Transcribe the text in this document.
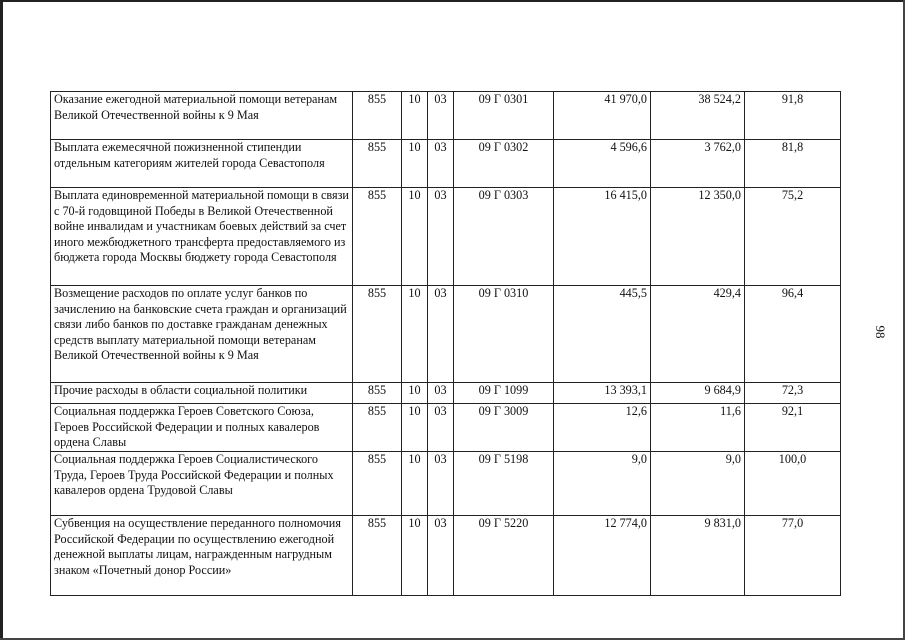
98
Оказание ежегодной материальной помощи ветеранам Великой Отечественной войны к 9 Мая	855	10	03	09 Г 0301	41 970,0	38 524,2	91,8
Выплата ежемесячной пожизненной стипендии отдельным категориям жителей города Севастополя	855	10	03	09 Г 0302	4 596,6	3 762,0	81,8
Выплата единовременной материальной помощи в связи с 70-й годовщиной Победы в Великой Отечественной войне инвалидам и участникам боевых действий за счет иного межбюджетного трансферта предоставляемого из бюджета города Москвы бюджету города Севастополя	855	10	03	09 Г 0303	16 415,0	12 350,0	75,2
Возмещение расходов по оплате услуг банков по зачислению на банковские счета граждан и организаций связи либо банков по доставке гражданам денежных средств выплату материальной помощи ветеранам Великой Отечественной войны к 9 Мая	855	10	03	09 Г 0310	445,5	429,4	96,4
Прочие расходы в области социальной политики	855	10	03	09 Г 1099	13 393,1	9 684,9	72,3
Социальная поддержка Героев Советского Союза, Героев Российской Федерации и полных кавалеров ордена Славы	855	10	03	09 Г 3009	12,6	11,6	92,1
Социальная поддержка Героев Социалистического Труда, Героев Труда Российской Федерации и полных кавалеров ордена Трудовой Славы	855	10	03	09 Г 5198	9,0	9,0	100,0
Субвенция на осуществление переданного полномочия Российской Федерации по осуществлению ежегодной денежной выплаты лицам, награжденным нагрудным знаком «Почетный донор России»	855	10	03	09 Г 5220	12 774,0	9 831,0	77,0
